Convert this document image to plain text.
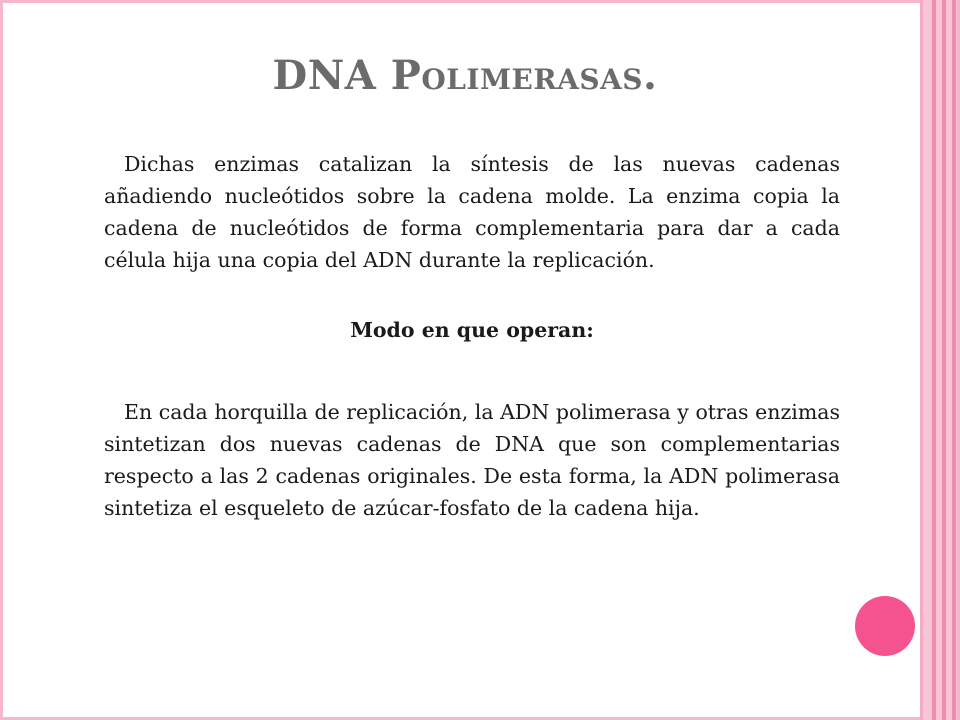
DNA Polimerasas.

Dichas enzimas catalizan la síntesis de las nuevas cadenas añadiendo nucleótidos sobre la cadena molde. La enzima copia la cadena de nucleótidos de forma complementaria para dar a cada célula hija una copia del ADN durante la replicación.

Modo en que operan:

En cada horquilla de replicación, la ADN polimerasa y otras enzimas sintetizan dos nuevas cadenas de DNA que son complementarias respecto a las 2 cadenas originales. De esta forma, la ADN polimerasa sintetiza el esqueleto de azúcar-fosfato de la cadena hija.
